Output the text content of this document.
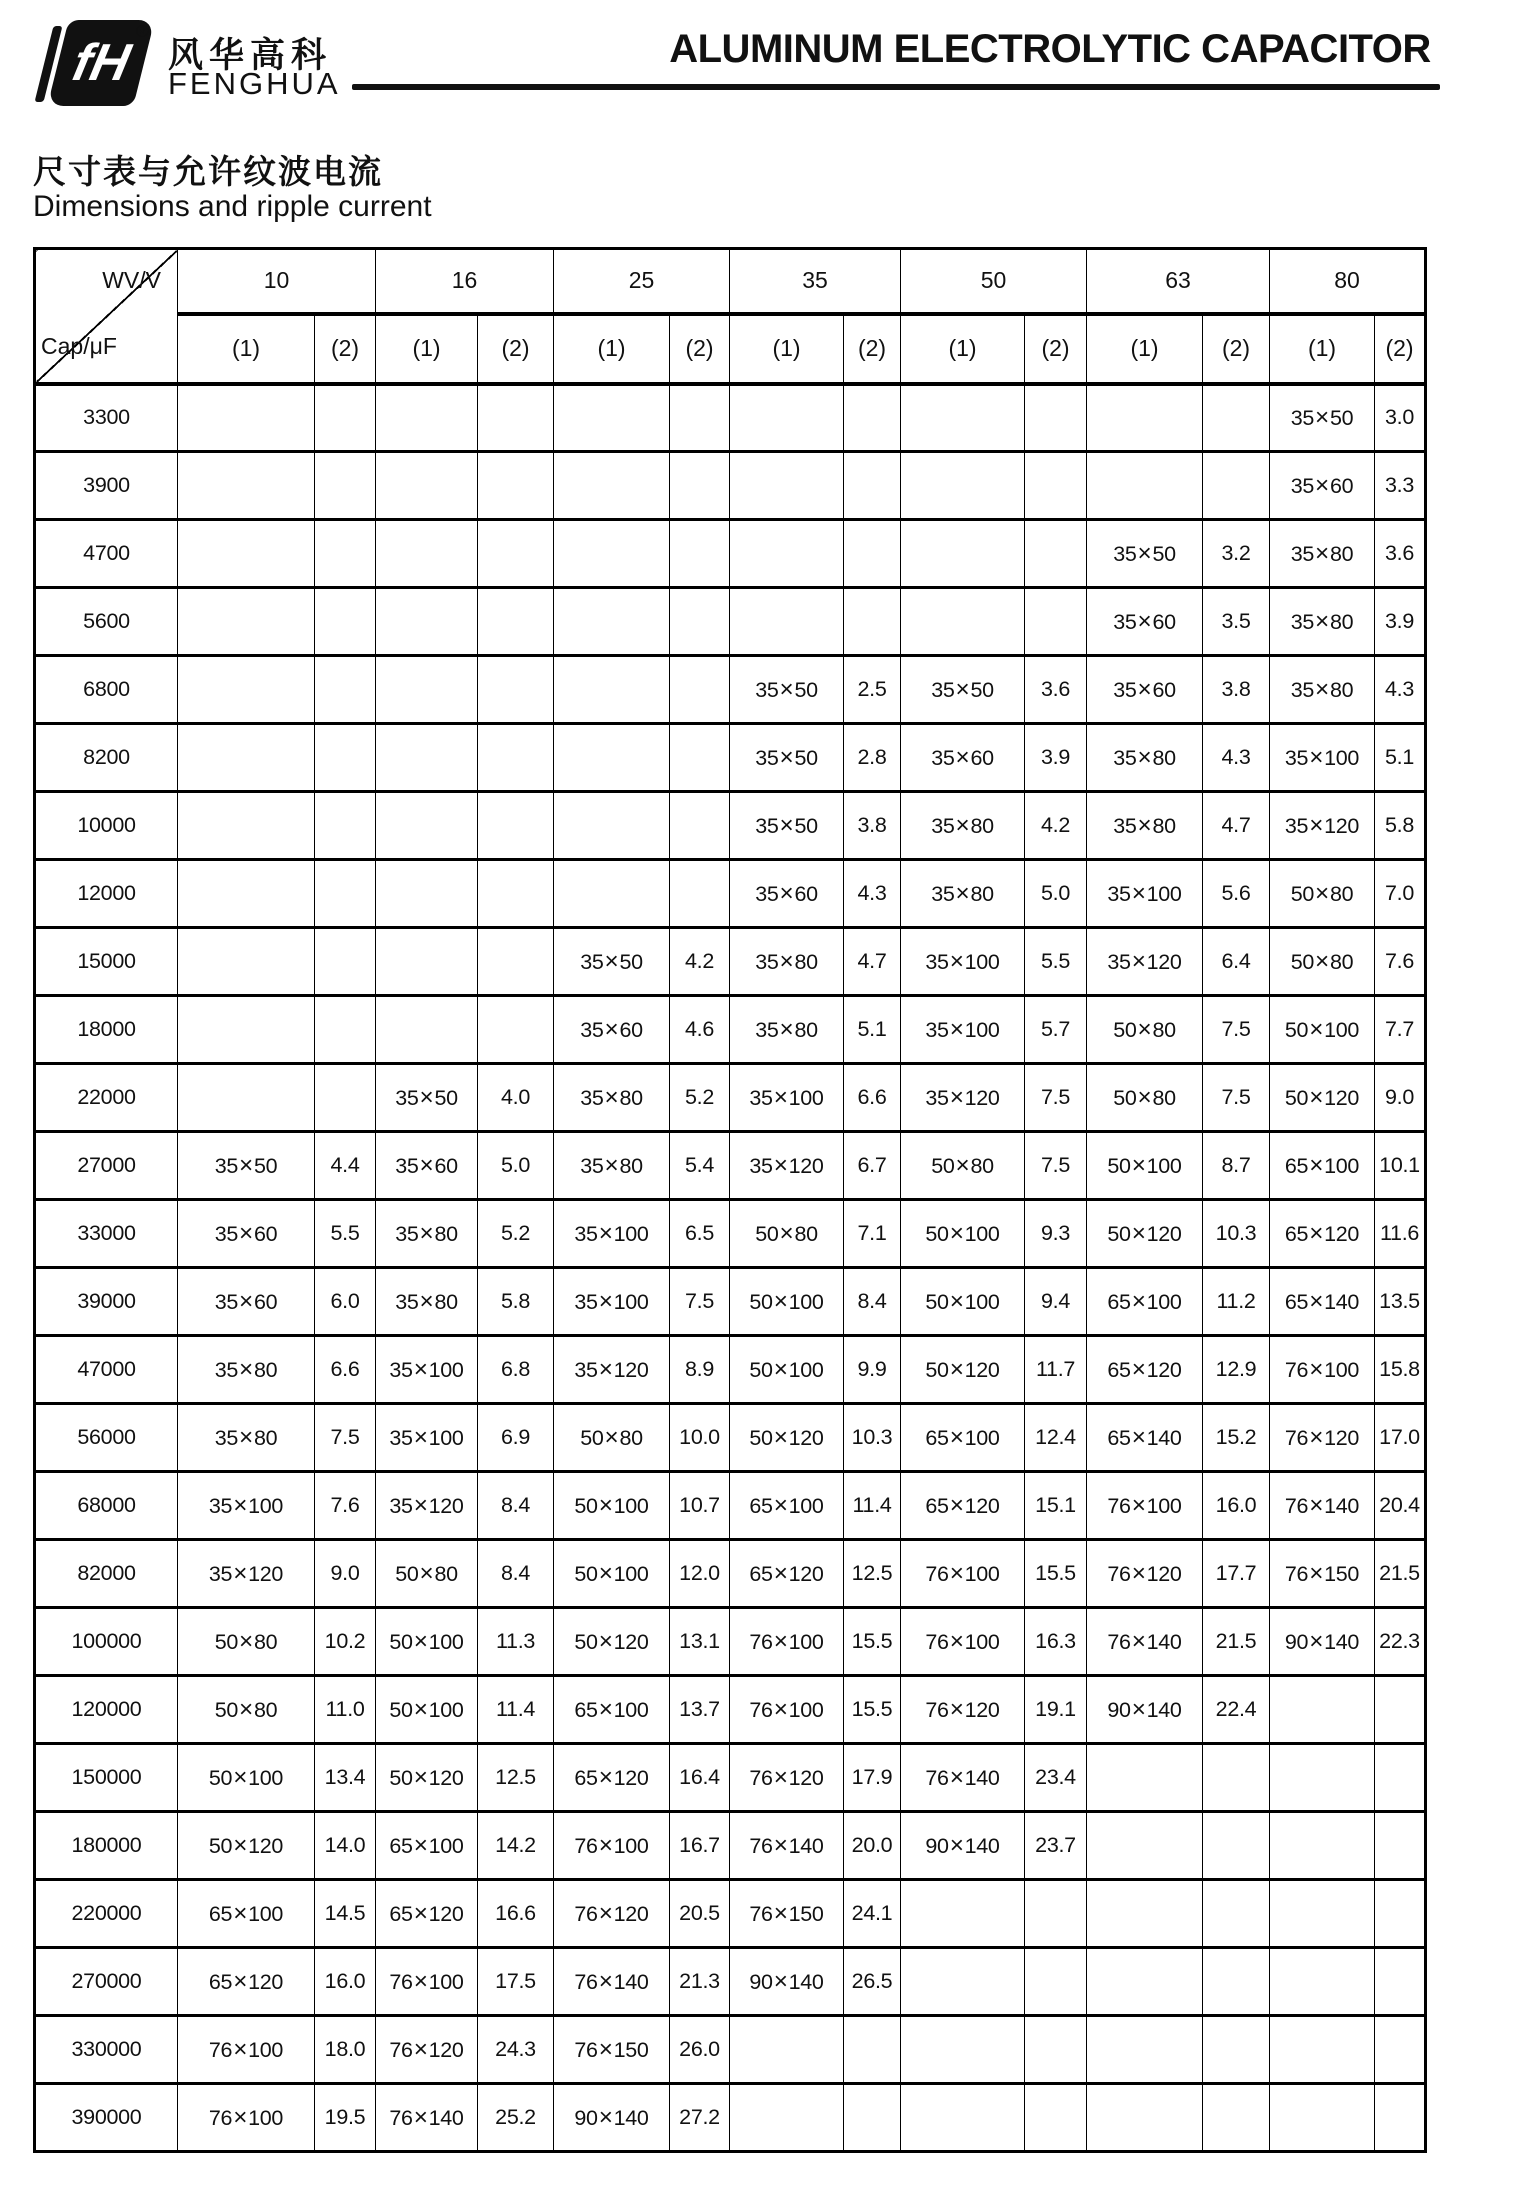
fH
®
风华高科
FENGHUA
ALUMINUM ELECTROLYTIC CAPACITOR
尺寸表与允许纹波电流
Dimensions and ripple current
WV/V
Cap/μF	10		16		25		35		50		63		80	
	(1)	(2)	(1)	(2)	(1)	(2)	(1)	(2)	(1)	(2)	(1)	(2)	(1)	(2)
3300													35×50	3.0
3900													35×60	3.3
4700											35×50	3.2	35×80	3.6
5600											35×60	3.5	35×80	3.9
6800							35×50	2.5	35×50	3.6	35×60	3.8	35×80	4.3
8200							35×50	2.8	35×60	3.9	35×80	4.3	35×100	5.1
10000							35×50	3.8	35×80	4.2	35×80	4.7	35×120	5.8
12000							35×60	4.3	35×80	5.0	35×100	5.6	50×80	7.0
15000					35×50	4.2	35×80	4.7	35×100	5.5	35×120	6.4	50×80	7.6
18000					35×60	4.6	35×80	5.1	35×100	5.7	50×80	7.5	50×100	7.7
22000			35×50	4.0	35×80	5.2	35×100	6.6	35×120	7.5	50×80	7.5	50×120	9.0
27000	35×50	4.4	35×60	5.0	35×80	5.4	35×120	6.7	50×80	7.5	50×100	8.7	65×100	10.1
33000	35×60	5.5	35×80	5.2	35×100	6.5	50×80	7.1	50×100	9.3	50×120	10.3	65×120	11.6
39000	35×60	6.0	35×80	5.8	35×100	7.5	50×100	8.4	50×100	9.4	65×100	11.2	65×140	13.5
47000	35×80	6.6	35×100	6.8	35×120	8.9	50×100	9.9	50×120	11.7	65×120	12.9	76×100	15.8
56000	35×80	7.5	35×100	6.9	50×80	10.0	50×120	10.3	65×100	12.4	65×140	15.2	76×120	17.0
68000	35×100	7.6	35×120	8.4	50×100	10.7	65×100	11.4	65×120	15.1	76×100	16.0	76×140	20.4
82000	35×120	9.0	50×80	8.4	50×100	12.0	65×120	12.5	76×100	15.5	76×120	17.7	76×150	21.5
100000	50×80	10.2	50×100	11.3	50×120	13.1	76×100	15.5	76×100	16.3	76×140	21.5	90×140	22.3
120000	50×80	11.0	50×100	11.4	65×100	13.7	76×100	15.5	76×120	19.1	90×140	22.4		
150000	50×100	13.4	50×120	12.5	65×120	16.4	76×120	17.9	76×140	23.4				
180000	50×120	14.0	65×100	14.2	76×100	16.7	76×140	20.0	90×140	23.7				
220000	65×100	14.5	65×120	16.6	76×120	20.5	76×150	24.1						
270000	65×120	16.0	76×100	17.5	76×140	21.3	90×140	26.5						
330000	76×100	18.0	76×120	24.3	76×150	26.0								
390000	76×100	19.5	76×140	25.2	90×140	27.2								
